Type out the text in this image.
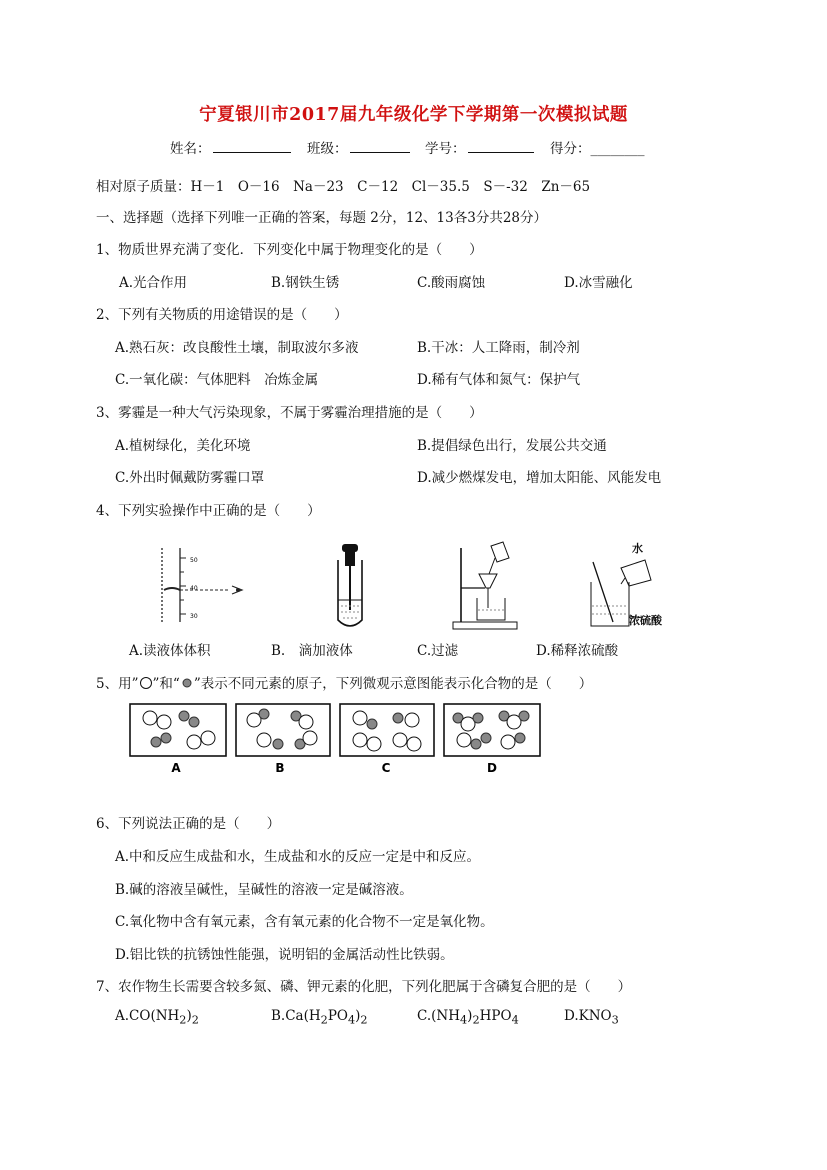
宁夏银川市2017届九年级化学下学期第一次模拟试题
姓名：	班级：	学号：	得分：________
相对原子质量：H－1　O－16　Na－23　C－12　Cl－35.5　S－-32　Zn－65
一、选择题（选择下列唯一正确的答案，每题 2分，12、13各3分共28分）
1、物质世界充满了变化．下列变化中属于物理变化的是（　　）
A.光合作用	B.钢铁生锈	C.酸雨腐蚀	D.冰雪融化
2、下列有关物质的用途错误的是（　　）
A.熟石灰：改良酸性土壤，制取波尔多液	B.干冰：人工降雨，制冷剂
C.一氧化碳：气体肥料　冶炼金属	D.稀有气体和氮气：保护气
3、雾霾是一种大气污染现象，不属于雾霾治理措施的是（　　）
A.植树绿化，美化环境	B.提倡绿色出行，发展公共交通
C.外出时佩戴防雾霾口罩	D.减少燃煤发电，增加太阳能、风能发电
4、下列实验操作中正确的是（　　）
50
40
30
水
浓硫酸
A.读液体体积	B.　滴加液体	C.过滤	D.稀释浓硫酸
5、用” ”和“ ”表示不同元素的原子，下列微观示意图能表示化合物的是（　　）
A	B	C	D
6、下列说法正确的是（　　）
A.中和反应生成盐和水，生成盐和水的反应一定是中和反应。
B.碱的溶液呈碱性，呈碱性的溶液一定是碱溶液。
C.氧化物中含有氧元素，含有氧元素的化合物不一定是氧化物。
D.铝比铁的抗锈蚀性能强，说明铝的金属活动性比铁弱。
7、农作物生长需要含较多氮、磷、钾元素的化肥，下列化肥属于含磷复合肥的是（　　）
$A.CO(NH_2)_2$	$B.Ca(H_2PO_4)_2$	$C.(NH_4)_2HPO_4$	$D.KNO_3$
